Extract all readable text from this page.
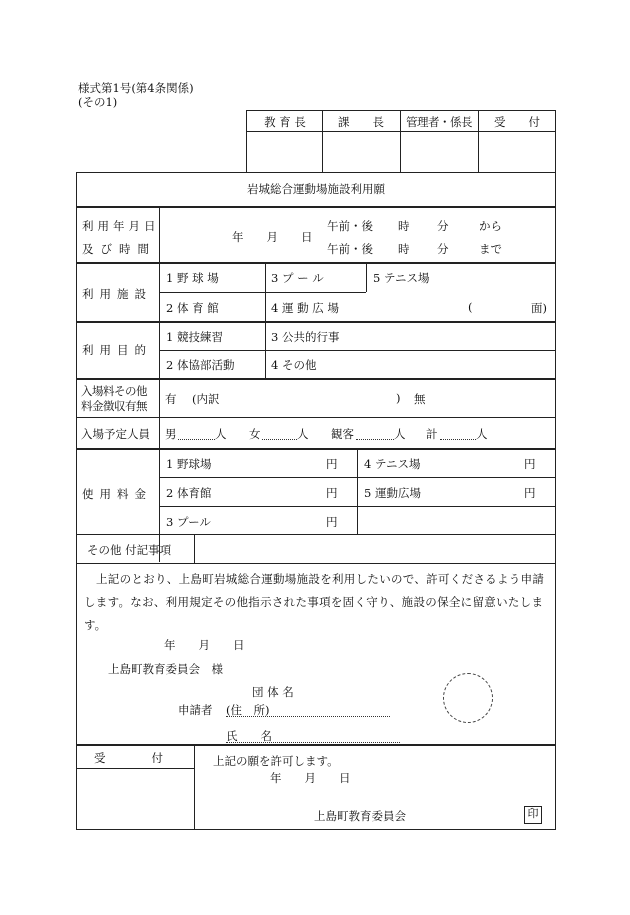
様式第1号(第4条関係)
(その1)
教 育 長	課　　長	管理者・係長	受　　付
岩城総合運動場施設利用願
利用年月日
及び時間
年　　月　　日
午前・後 時 分	から
午前・後 時 分	まで
利用施設
1 野 球 場	3 プ ー ル	5 テニス場
2 体 育 館	4 運 動 広 場	(	面)
利用目的
1 競技練習	3 公共的行事
2 体協部活動	4 その他
入場料その他
料金徴収有無 有 (内訳	) 無
入場予定人員 男	人 女	人 観客	人 計	人
使用料金
1 野球場	円 4 テニス場	円
2 体育館	円 5 運動広場	円
3 プール	円
その他 付記事項
上記のとおり、上島町岩城総合運動場施設を利用したいので、許可くださるよう申請
します。なお、利用規定その他指示された事項を固く守り、施設の保全に留意いたしま
す。
年　　月　　日
上島町教育委員会　様
団 体 名
申請者 (住　所)
氏　　名
受　　　　付	上記の願を許可します。
年　　月　　日
上島町教育委員会	印
